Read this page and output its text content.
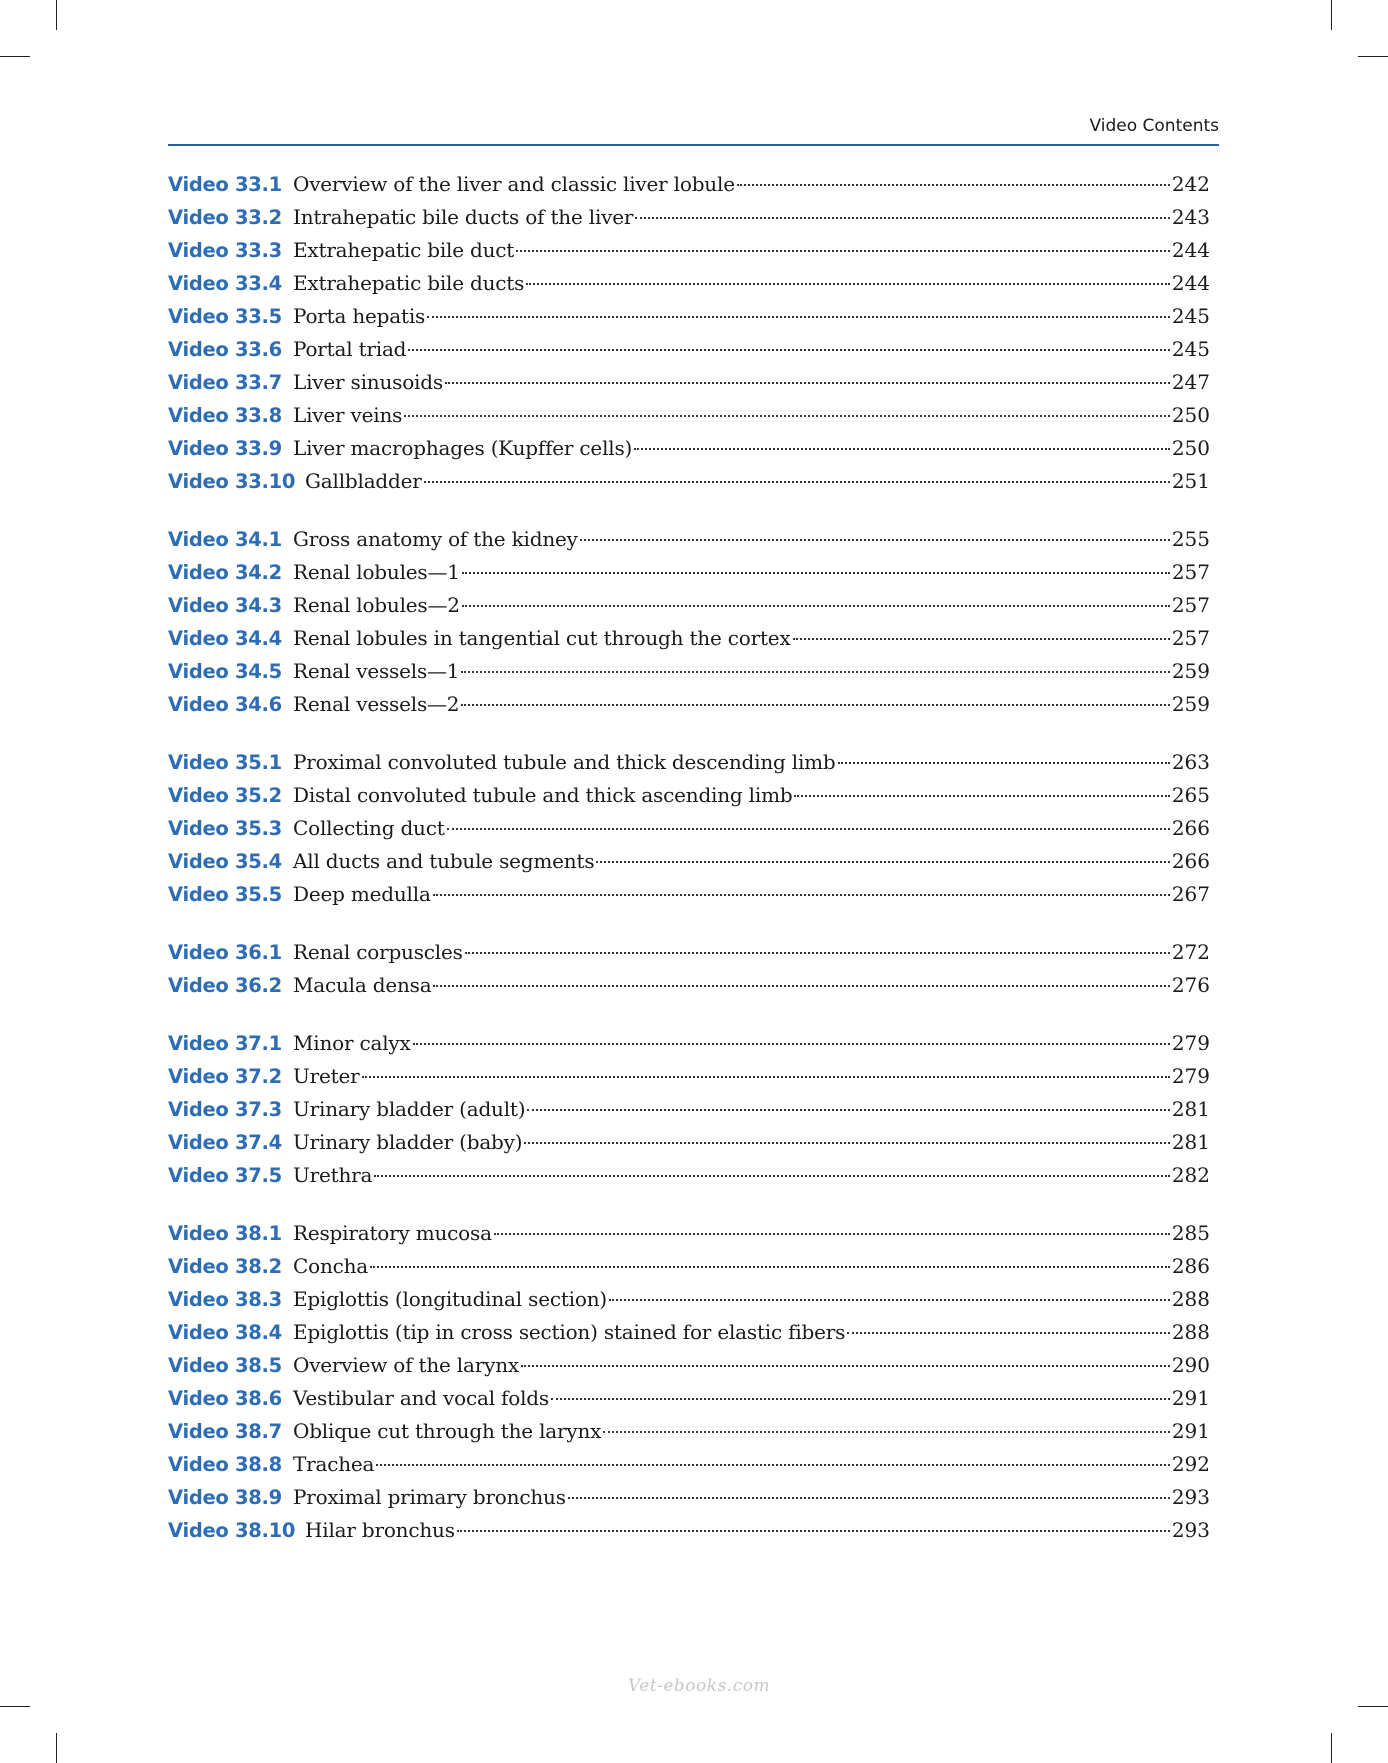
Video Contents
Video 33.1 Overview of the liver and classic liver lobule	242
Video 33.2 Intrahepatic bile ducts of the liver	243
Video 33.3 Extrahepatic bile duct	244
Video 33.4 Extrahepatic bile ducts	244
Video 33.5 Porta hepatis	245
Video 33.6 Portal triad	245
Video 33.7 Liver sinusoids	247
Video 33.8 Liver veins	250
Video 33.9 Liver macrophages (Kupffer cells)	250
Video 33.10 Gallbladder	251
Video 34.1 Gross anatomy of the kidney	255
Video 34.2 Renal lobules—1	257
Video 34.3 Renal lobules—2	257
Video 34.4 Renal lobules in tangential cut through the cortex	257
Video 34.5 Renal vessels—1	259
Video 34.6 Renal vessels—2	259
Video 35.1 Proximal convoluted tubule and thick descending limb	263
Video 35.2 Distal convoluted tubule and thick ascending limb	265
Video 35.3 Collecting duct	266
Video 35.4 All ducts and tubule segments	266
Video 35.5 Deep medulla	267
Video 36.1 Renal corpuscles	272
Video 36.2 Macula densa	276
Video 37.1 Minor calyx	279
Video 37.2 Ureter	279
Video 37.3 Urinary bladder (adult)	281
Video 37.4 Urinary bladder (baby)	281
Video 37.5 Urethra	282
Video 38.1 Respiratory mucosa	285
Video 38.2 Concha	286
Video 38.3 Epiglottis (longitudinal section)	288
Video 38.4 Epiglottis (tip in cross section) stained for elastic fibers	288
Video 38.5 Overview of the larynx	290
Video 38.6 Vestibular and vocal folds	291
Video 38.7 Oblique cut through the larynx	291
Video 38.8 Trachea	292
Video 38.9 Proximal primary bronchus	293
Video 38.10 Hilar bronchus	293
Vet-ebooks.com
